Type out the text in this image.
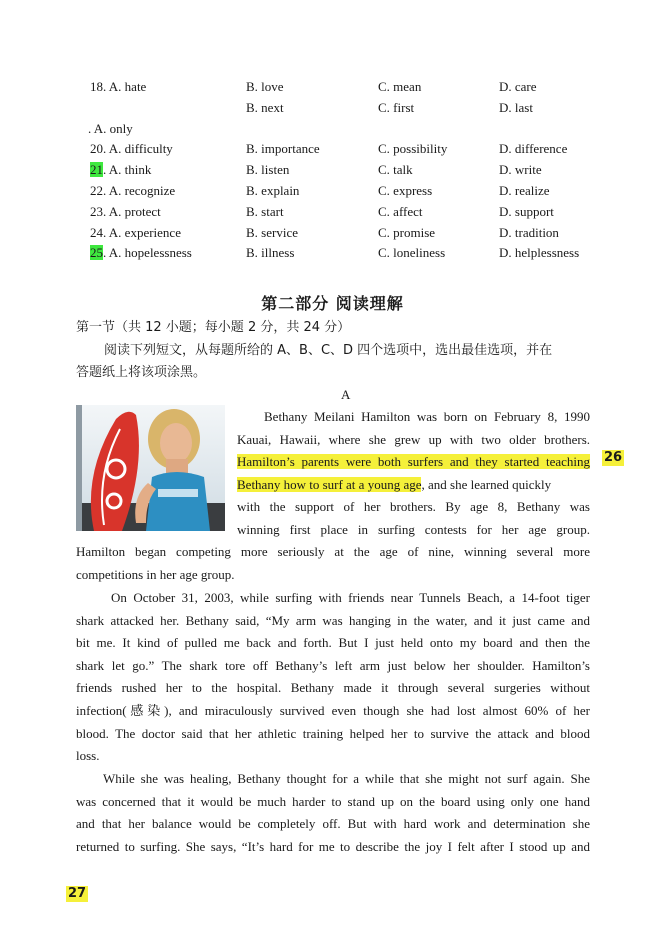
18. A. hate	B. love	C. mean	D. care
B. next	C. first	D. last
. A. only
20. A. difficulty	B. importance	C. possibility	D. difference
21. A. think	B. listen	C. talk	D. write
22. A. recognize	B. explain	C. express	D. realize
23. A. protect	B. start	C. affect	D. support
24. A. experience	B. service	C. promise	D. tradition
25. A. hopelessness	B. illness	C. loneliness	D. helplessness
第二部分 阅读理解
第一节（共 12 小题；每小题 2 分，共 24 分）
阅读下列短文，从每题所给的 A、B、C、D 四个选项中，选出最佳选项，并在
答题纸上将该项涂黑。
A
Bethany Meilani Hamilton was born on February 8, 1990
Kauai, Hawaii, where she grew up with two older brothers.
Hamilton’s parents were both surfers and they started teaching
Bethany how to surf at a young age, and she learned quickly
with the support of her brothers. By age 8, Bethany was
winning first place in surfing contests for her age group.
Hamilton began competing more seriously at the age of nine, winning several more
competitions in her age group.
26
On October 31, 2003, while surfing with friends near Tunnels Beach, a 14-foot tiger
shark attacked her. Bethany said, “My arm was hanging in the water, and it just came and
bit me. It kind of pulled me back and forth. But I just held onto my board and then the
shark let go.” The shark tore off Bethany’s left arm just below her shoulder. Hamilton’s
friends rushed her to the hospital. Bethany made it through several surgeries without
infection(感染), and miraculously survived even though she had lost almost 60% of her
blood. The doctor said that her athletic training helped her to survive the attack and blood
loss.
While she was healing, Bethany thought for a while that she might not surf again. She
was concerned that it would be much harder to stand up on the board using only one hand
and that her balance would be completely off. But with hard work and determination she
returned to surfing. She says, “It’s hard for me to describe the joy I felt after I stood up and
27
